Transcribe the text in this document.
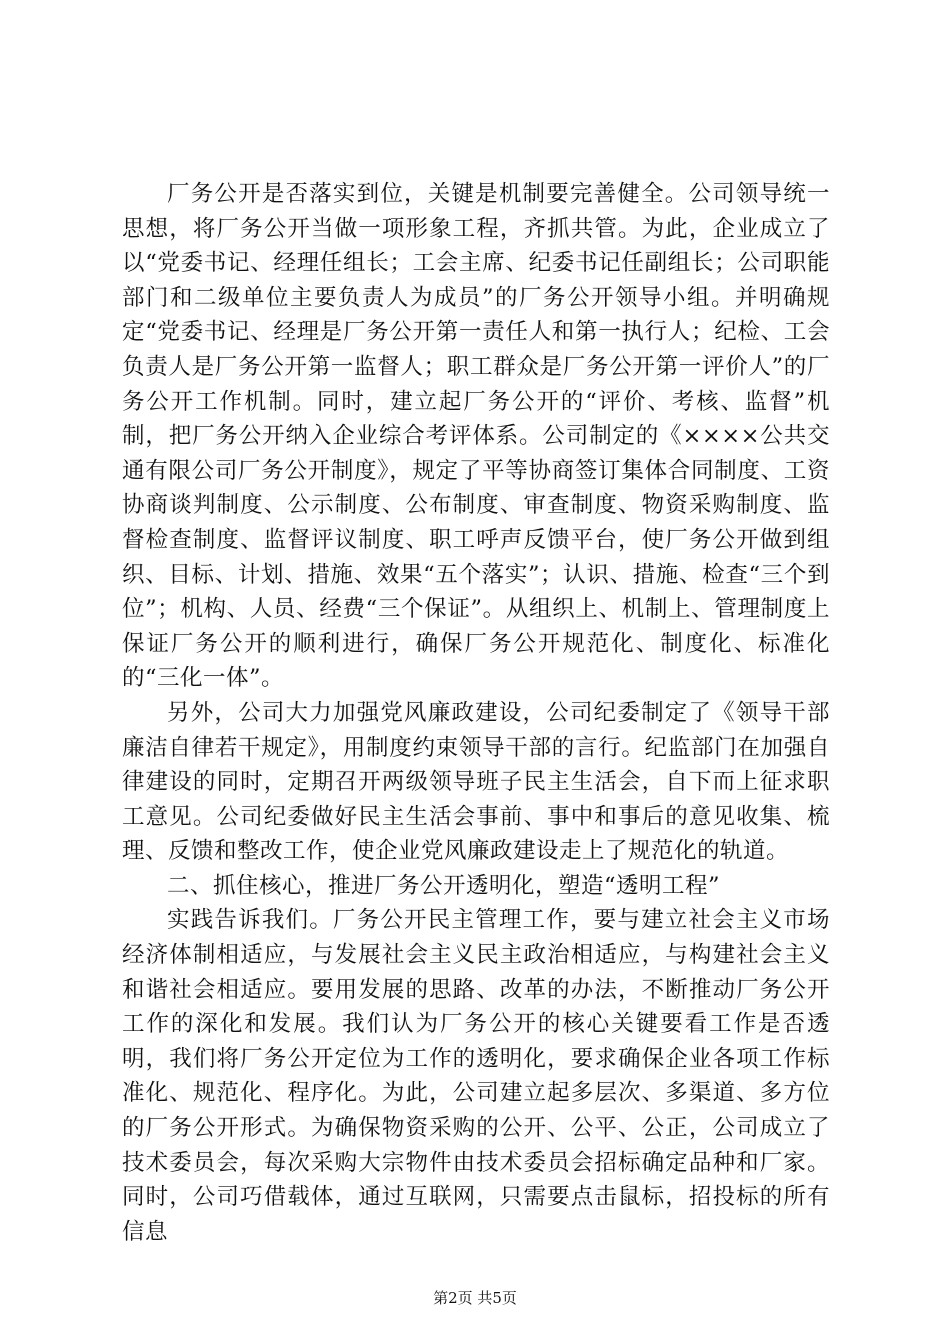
厂务公开是否落实到位，关键是机制要完善健全。公司领导统一思想，将厂务公开当做一项形象工程，齐抓共管。为此，企业成立了以“党委书记、经理任组长；工会主席、纪委书记任副组长；公司职能部门和二级单位主要负责人为成员”的厂务公开领导小组。并明确规定“党委书记、经理是厂务公开第一责任人和第一执行人；纪检、工会负责人是厂务公开第一监督人；职工群众是厂务公开第一评价人”的厂务公开工作机制。同时，建立起厂务公开的“评价、考核、监督”机制，把厂务公开纳入企业综合考评体系。公司制定的《××××公共交通有限公司厂务公开制度》，规定了平等协商签订集体合同制度、工资协商谈判制度、公示制度、公布制度、审查制度、物资采购制度、监督检查制度、监督评议制度、职工呼声反馈平台，使厂务公开做到组织、目标、计划、措施、效果“五个落实”；认识、措施、检查“三个到位”；机构、人员、经费“三个保证”。从组织上、机制上、管理制度上保证厂务公开的顺利进行，确保厂务公开规范化、制度化、标准化的“三化一体”。

另外，公司大力加强党风廉政建设，公司纪委制定了《领导干部廉洁自律若干规定》，用制度约束领导干部的言行。纪监部门在加强自律建设的同时，定期召开两级领导班子民主生活会，自下而上征求职工意见。公司纪委做好民主生活会事前、事中和事后的意见收集、梳理、反馈和整改工作，使企业党风廉政建设走上了规范化的轨道。

二、抓住核心，推进厂务公开透明化，塑造“透明工程”

实践告诉我们。厂务公开民主管理工作，要与建立社会主义市场经济体制相适应，与发展社会主义民主政治相适应，与构建社会主义和谐社会相适应。要用发展的思路、改革的办法，不断推动厂务公开工作的深化和发展。我们认为厂务公开的核心关键要看工作是否透明，我们将厂务公开定位为工作的透明化，要求确保企业各项工作标准化、规范化、程序化。为此，公司建立起多层次、多渠道、多方位的厂务公开形式。为确保物资采购的公开、公平、公正，公司成立了技术委员会，每次采购大宗物件由技术委员会招标确定品种和厂家。同时，公司巧借载体，通过互联网，只需要点击鼠标，招投标的所有信息

第2页 共5页
